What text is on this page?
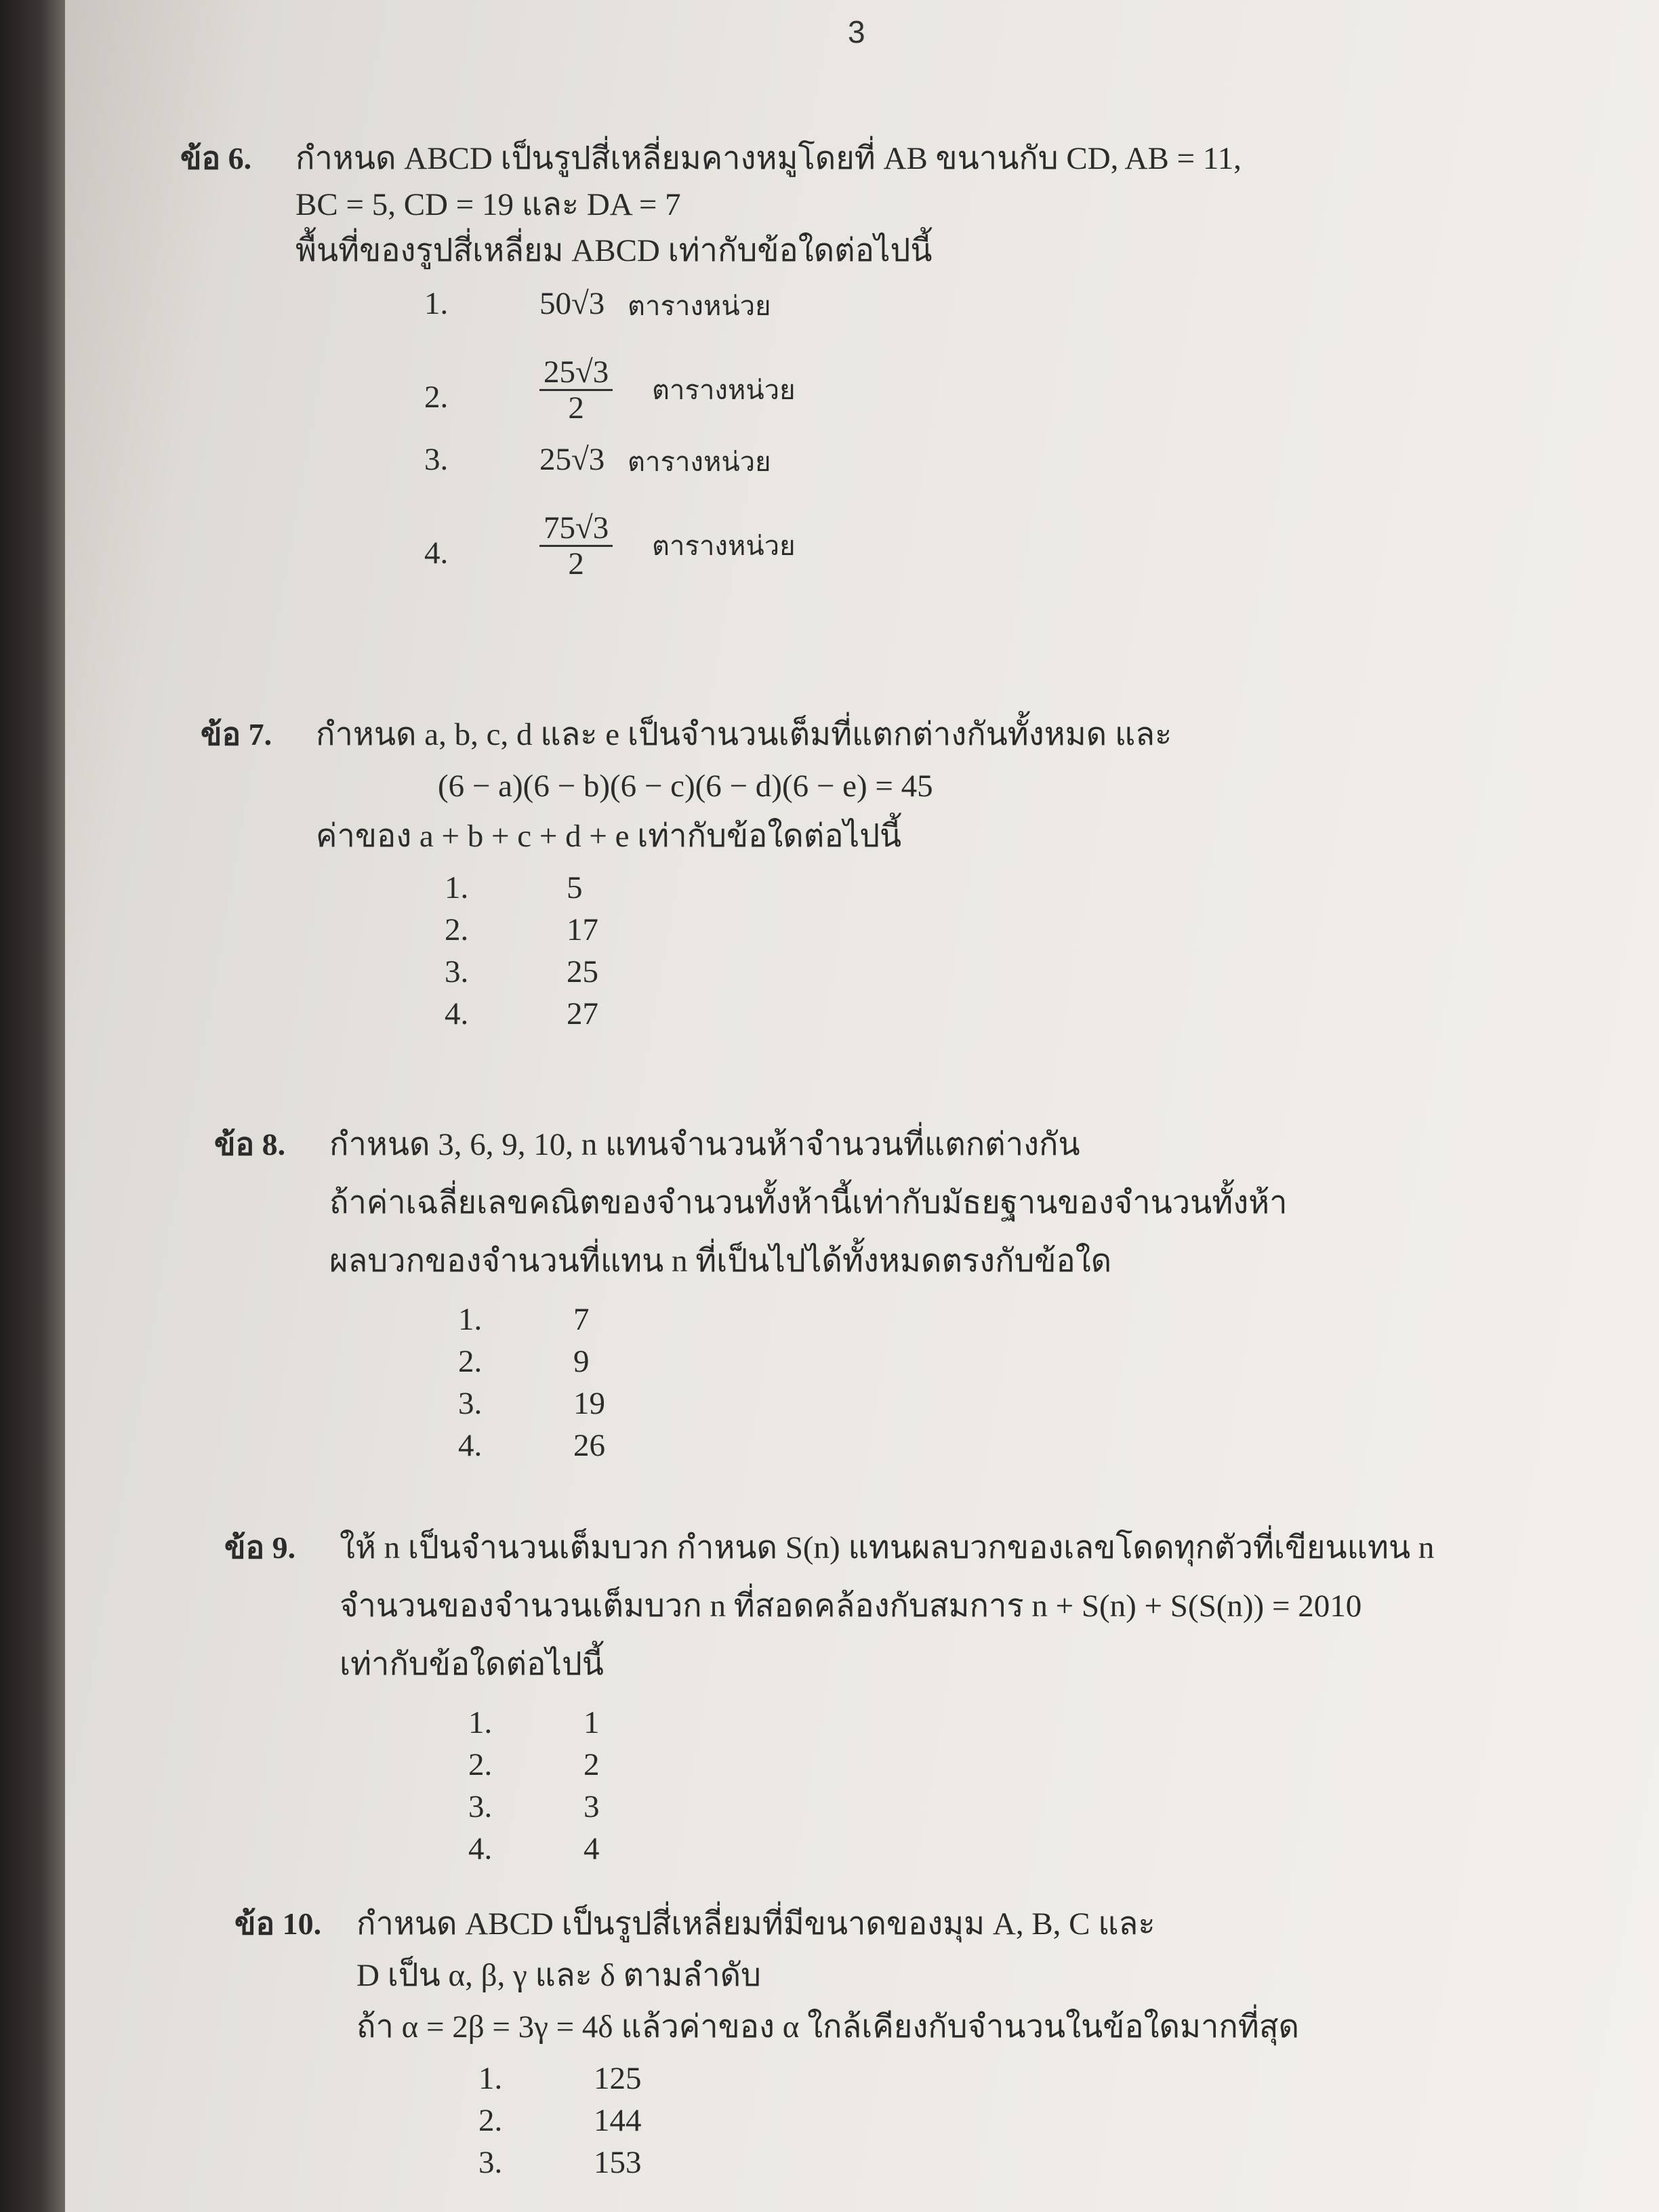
3
ข้อ 6. กำหนด ABCD เป็นรูปสี่เหลี่ยมคางหมูโดยที่ AB ขนานกับ CD, AB = 11,
BC = 5, CD = 19 และ DA = 7
พื้นที่ของรูปสี่เหลี่ยม ABCD เท่ากับข้อใดต่อไปนี้
1.	50√3 ตารางหน่วย
2.	$\frac{25√3}{2}$ ตารางหน่วย
3.	25√3 ตารางหน่วย
4.	$\frac{75√3}{2}$ ตารางหน่วย
ข้อ 7. กำหนด a, b, c, d และ e เป็นจำนวนเต็มที่แตกต่างกันทั้งหมด และ
(6 − a)(6 − b)(6 − c)(6 − d)(6 − e) = 45
ค่าของ a + b + c + d + e เท่ากับข้อใดต่อไปนี้
1.	5
2.	17
3.	25
4.	27
ข้อ 8. กำหนด 3, 6, 9, 10, n แทนจำนวนห้าจำนวนที่แตกต่างกัน
ถ้าค่าเฉลี่ยเลขคณิตของจำนวนทั้งห้านี้เท่ากับมัธยฐานของจำนวนทั้งห้า
ผลบวกของจำนวนที่แทน n ที่เป็นไปได้ทั้งหมดตรงกับข้อใด
1.	7
2.	9
3.	19
4.	26
ข้อ 9. ให้ n เป็นจำนวนเต็มบวก กำหนด S(n) แทนผลบวกของเลขโดดทุกตัวที่เขียนแทน n
จำนวนของจำนวนเต็มบวก n ที่สอดคล้องกับสมการ n + S(n) + S(S(n)) = 2010
เท่ากับข้อใดต่อไปนี้
1.	1
2.	2
3.	3
4.	4
ข้อ 10. กำหนด ABCD เป็นรูปสี่เหลี่ยมที่มีขนาดของมุม A, B, C และ
D เป็น α, β, γ และ δ ตามลำดับ
ถ้า α = 2β = 3γ = 4δ แล้วค่าของ α ใกล้เคียงกับจำนวนในข้อใดมากที่สุด
1.	125
2.	144
3.	153
